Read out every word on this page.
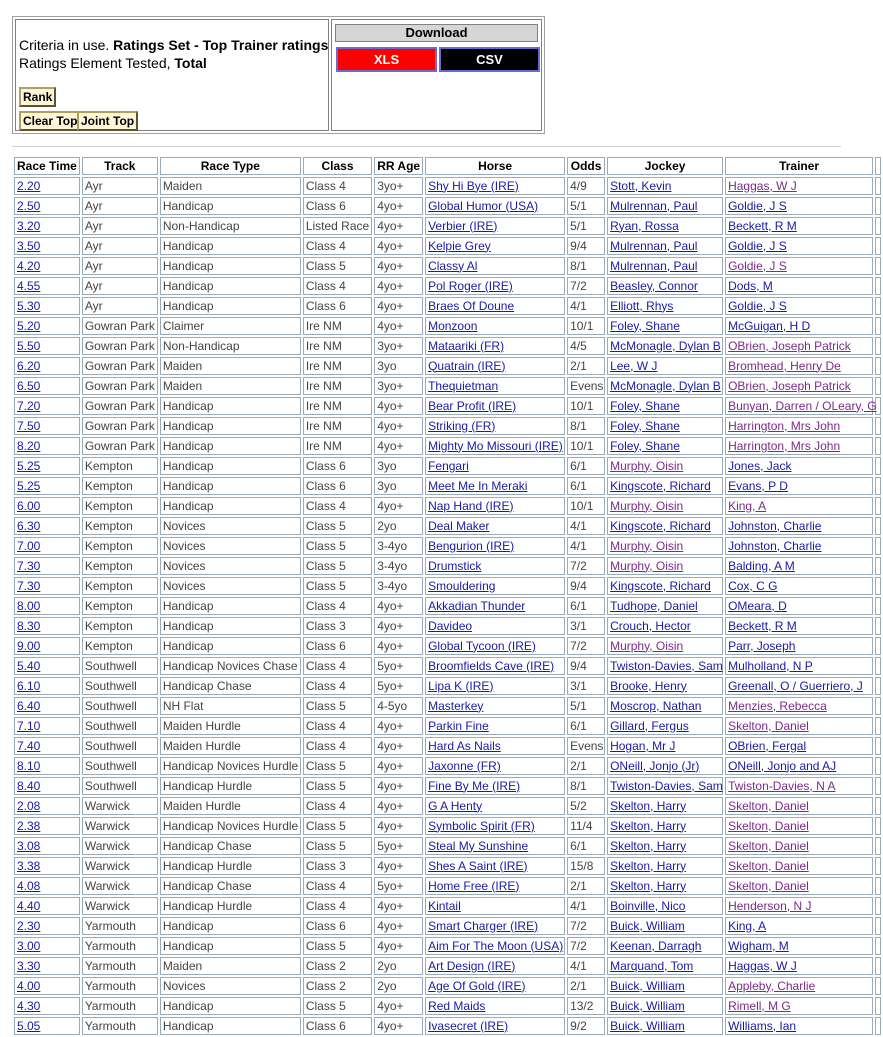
Criteria in use. Ratings Set - Top Trainer ratings
Ratings Element Tested, Total
Rank
Clear Top Joint Top
Download
XLS	CSV
Race Time	Track	Race Type	Class	RR Age	Horse	Odds	Jockey	Trainer	
2.20	Ayr	Maiden	Class 4	3yo+	Shy Hi Bye (IRE)	4/9	Stott, Kevin	Haggas, W J	
2.50	Ayr	Handicap	Class 6	4yo+	Global Humor (USA)	5/1	Mulrennan, Paul	Goldie, J S	
3.20	Ayr	Non-Handicap	Listed Race	4yo+	Verbier (IRE)	5/1	Ryan, Rossa	Beckett, R M	
3.50	Ayr	Handicap	Class 4	4yo+	Kelpie Grey	9/4	Mulrennan, Paul	Goldie, J S	
4.20	Ayr	Handicap	Class 5	4yo+	Classy Al	8/1	Mulrennan, Paul	Goldie, J S	
4.55	Ayr	Handicap	Class 4	4yo+	Pol Roger (IRE)	7/2	Beasley, Connor	Dods, M	
5.30	Ayr	Handicap	Class 6	4yo+	Braes Of Doune	4/1	Elliott, Rhys	Goldie, J S	
5.20	Gowran Park	Claimer	Ire NM	4yo+	Monzoon	10/1	Foley, Shane	McGuigan, H D	
5.50	Gowran Park	Non-Handicap	Ire NM	3yo+	Mataariki (FR)	4/5	McMonagle, Dylan B	OBrien, Joseph Patrick	
6.20	Gowran Park	Maiden	Ire NM	3yo	Quatrain (IRE)	2/1	Lee, W J	Bromhead, Henry De	
6.50	Gowran Park	Maiden	Ire NM	3yo+	Thequietman	Evens	McMonagle, Dylan B	OBrien, Joseph Patrick	
7.20	Gowran Park	Handicap	Ire NM	4yo+	Bear Profit (IRE)	10/1	Foley, Shane	Bunyan, Darren / OLeary, G	
7.50	Gowran Park	Handicap	Ire NM	4yo+	Striking (FR)	8/1	Foley, Shane	Harrington, Mrs John	
8.20	Gowran Park	Handicap	Ire NM	4yo+	Mighty Mo Missouri (IRE)	10/1	Foley, Shane	Harrington, Mrs John	
5.25	Kempton	Handicap	Class 6	3yo	Fengari	6/1	Murphy, Oisin	Jones, Jack	
5.25	Kempton	Handicap	Class 6	3yo	Meet Me In Meraki	6/1	Kingscote, Richard	Evans, P D	
6.00	Kempton	Handicap	Class 4	4yo+	Nap Hand (IRE)	10/1	Murphy, Oisin	King, A	
6.30	Kempton	Novices	Class 5	2yo	Deal Maker	4/1	Kingscote, Richard	Johnston, Charlie	
7.00	Kempton	Novices	Class 5	3-4yo	Bengurion (IRE)	4/1	Murphy, Oisin	Johnston, Charlie	
7.30	Kempton	Novices	Class 5	3-4yo	Drumstick	7/2	Murphy, Oisin	Balding, A M	
7.30	Kempton	Novices	Class 5	3-4yo	Smouldering	9/4	Kingscote, Richard	Cox, C G	
8.00	Kempton	Handicap	Class 4	4yo+	Akkadian Thunder	6/1	Tudhope, Daniel	OMeara, D	
8.30	Kempton	Handicap	Class 3	4yo+	Davideo	3/1	Crouch, Hector	Beckett, R M	
9.00	Kempton	Handicap	Class 6	4yo+	Global Tycoon (IRE)	7/2	Murphy, Oisin	Parr, Joseph	
5.40	Southwell	Handicap Novices Chase	Class 4	5yo+	Broomfields Cave (IRE)	9/4	Twiston-Davies, Sam	Mulholland, N P	
6.10	Southwell	Handicap Chase	Class 4	5yo+	Lipa K (IRE)	3/1	Brooke, Henry	Greenall, O / Guerriero, J	
6.40	Southwell	NH Flat	Class 5	4-5yo	Masterkey	5/1	Moscrop, Nathan	Menzies, Rebecca	
7.10	Southwell	Maiden Hurdle	Class 4	4yo+	Parkin Fine	6/1	Gillard, Fergus	Skelton, Daniel	
7.40	Southwell	Maiden Hurdle	Class 4	4yo+	Hard As Nails	Evens	Hogan, Mr J	OBrien, Fergal	
8.10	Southwell	Handicap Novices Hurdle	Class 5	4yo+	Jaxonne (FR)	2/1	ONeill, Jonjo (Jr)	ONeill, Jonjo and AJ	
8.40	Southwell	Handicap Hurdle	Class 5	4yo+	Fine By Me (IRE)	8/1	Twiston-Davies, Sam	Twiston-Davies, N A	
2.08	Warwick	Maiden Hurdle	Class 4	4yo+	G A Henty	5/2	Skelton, Harry	Skelton, Daniel	
2.38	Warwick	Handicap Novices Hurdle	Class 5	4yo+	Symbolic Spirit (FR)	11/4	Skelton, Harry	Skelton, Daniel	
3.08	Warwick	Handicap Chase	Class 5	5yo+	Steal My Sunshine	6/1	Skelton, Harry	Skelton, Daniel	
3.38	Warwick	Handicap Hurdle	Class 3	4yo+	Shes A Saint (IRE)	15/8	Skelton, Harry	Skelton, Daniel	
4.08	Warwick	Handicap Chase	Class 4	5yo+	Home Free (IRE)	2/1	Skelton, Harry	Skelton, Daniel	
4.40	Warwick	Handicap Hurdle	Class 4	4yo+	Kintail	4/1	Boinville, Nico	Henderson, N J	
2.30	Yarmouth	Handicap	Class 6	4yo+	Smart Charger (IRE)	7/2	Buick, William	King, A	
3.00	Yarmouth	Handicap	Class 5	4yo+	Aim For The Moon (USA)	7/2	Keenan, Darragh	Wigham, M	
3.30	Yarmouth	Maiden	Class 2	2yo	Art Design (IRE)	4/1	Marquand, Tom	Haggas, W J	
4.00	Yarmouth	Novices	Class 2	2yo	Age Of Gold (IRE)	2/1	Buick, William	Appleby, Charlie	
4.30	Yarmouth	Handicap	Class 5	4yo+	Red Maids	13/2	Buick, William	Rimell, M G	
5.05	Yarmouth	Handicap	Class 6	4yo+	Ivasecret (IRE)	9/2	Buick, William	Williams, Ian	
